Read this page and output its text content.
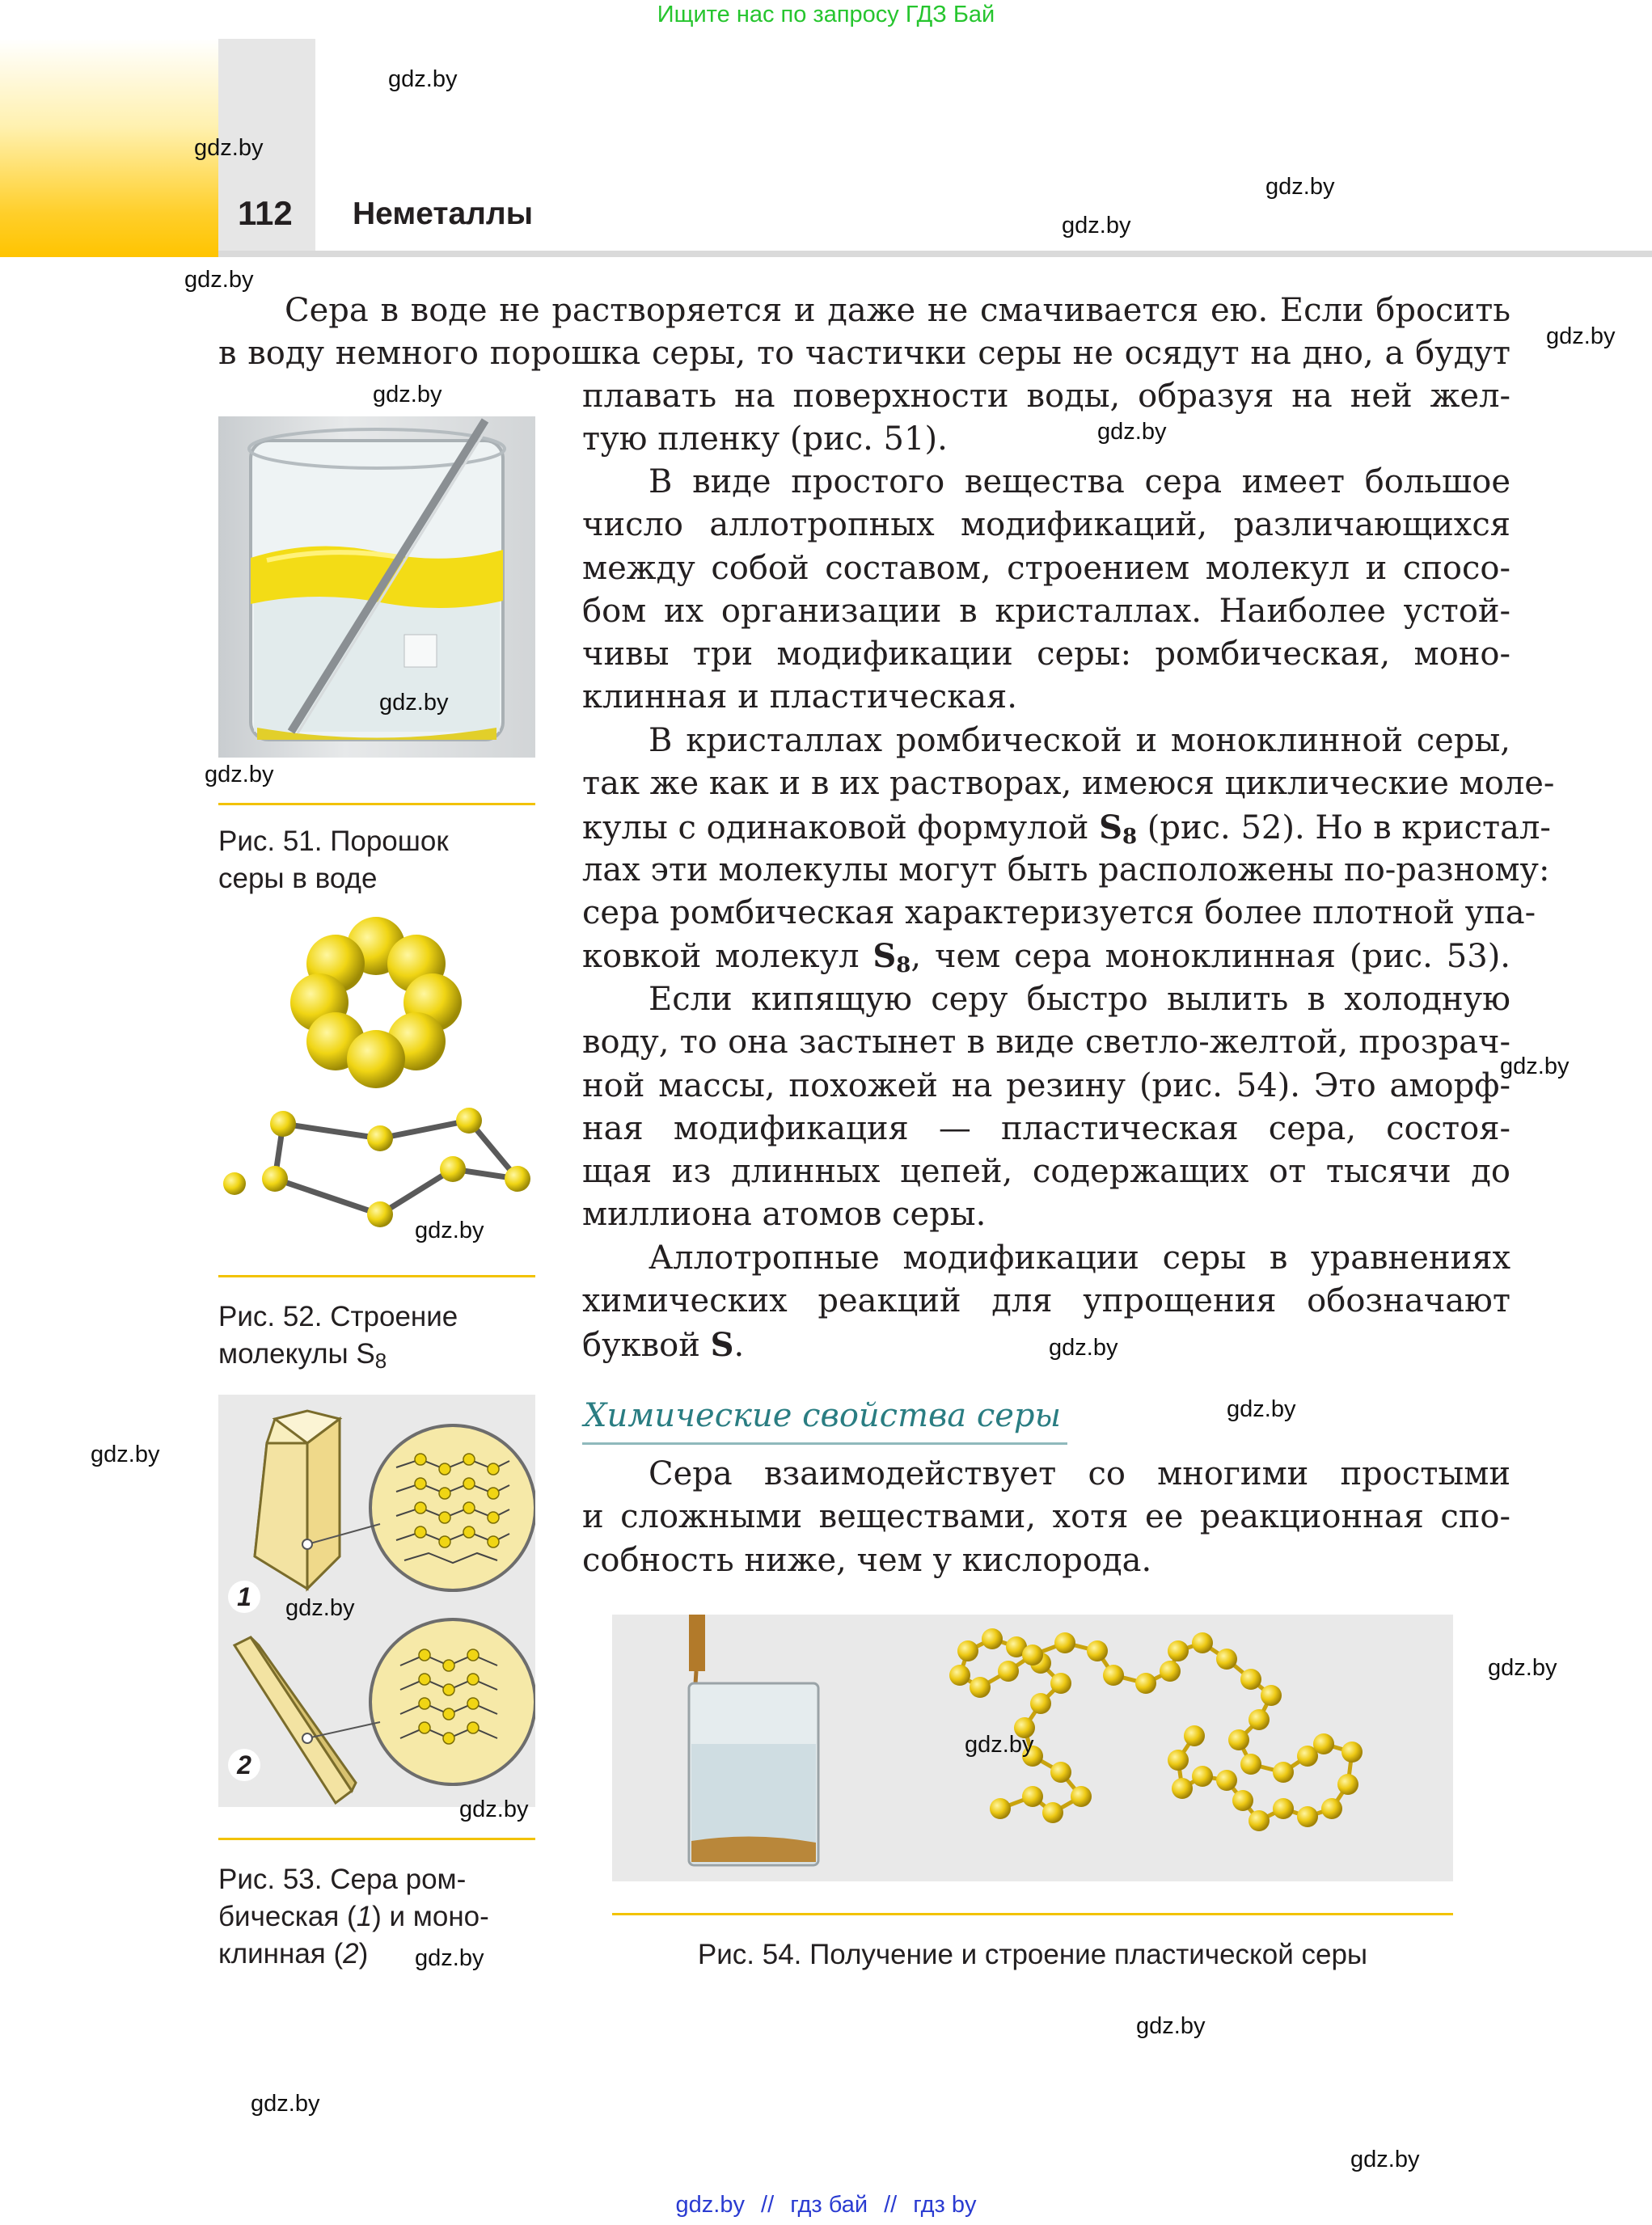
Ищите нас по запросу ГДЗ Бай
112 Неметаллы
Сера в воде не растворяется и даже не смачивается ею. Если бросить
в воду немного порошка серы, то частички серы не осядут на дно, а будут
плавать на поверхности воды, образуя на ней жел-
тую пленку (рис. 51).
В виде простого вещества сера имеет большое
число аллотропных модификаций, различающихся
между собой составом, строением молекул и спосо-
бом их организации в кристаллах. Наиболее устой-
чивы три модификации серы: ромбическая, моно-
клинная и пластическая.
В кристаллах ромбической и моноклинной серы,
так же как и в их растворах, имеюся циклические моле-
кулы с одинаковой формулой $S_8$ (рис. 52). Но в кристал-
лах эти молекулы могут быть расположены по-разному:
сера ромбическая характеризуется более плотной упа-
ковкой молекул $S_8$, чем сера моноклинная (рис. 53).
Если кипящую серу быстро вылить в холодную
воду, то она застынет в виде светло-желтой, прозрач-
ной массы, похожей на резину (рис. 54). Это аморф-
ная модификация — пластическая сера, состоя-
щая из длинных цепей, содержащих от тысячи до
миллиона атомов серы.
Аллотропные модификации серы в уравнениях
химических реакций для упрощения обозначают
буквой S.
Химические свойства серы
Сера взаимодействует со многими простыми
и сложными веществами, хотя ее реакционная спо-
собность ниже, чем у кислорода.
Рис. 51. Порошок
серы в воде
Рис. 52. Строение
молекулы $S_8$
1
2
Рис. 53. Сера ром-
бическая (1) и моно-
клинная (2)	Рис. 54. Получение и строение пластической серы
gdz.by
gdz.by
gdz.by
gdz.by
gdz.by
gdz.by
gdz.by
gdz.by
gdz.by
gdz.by
gdz.by
gdz.by
gdz.by
gdz.by
gdz.by
gdz.by
gdz.by
gdz.by
gdz.by
gdz.by
gdz.by
gdz.by
gdz.by
gdz.by // гдз бай // гдз by
